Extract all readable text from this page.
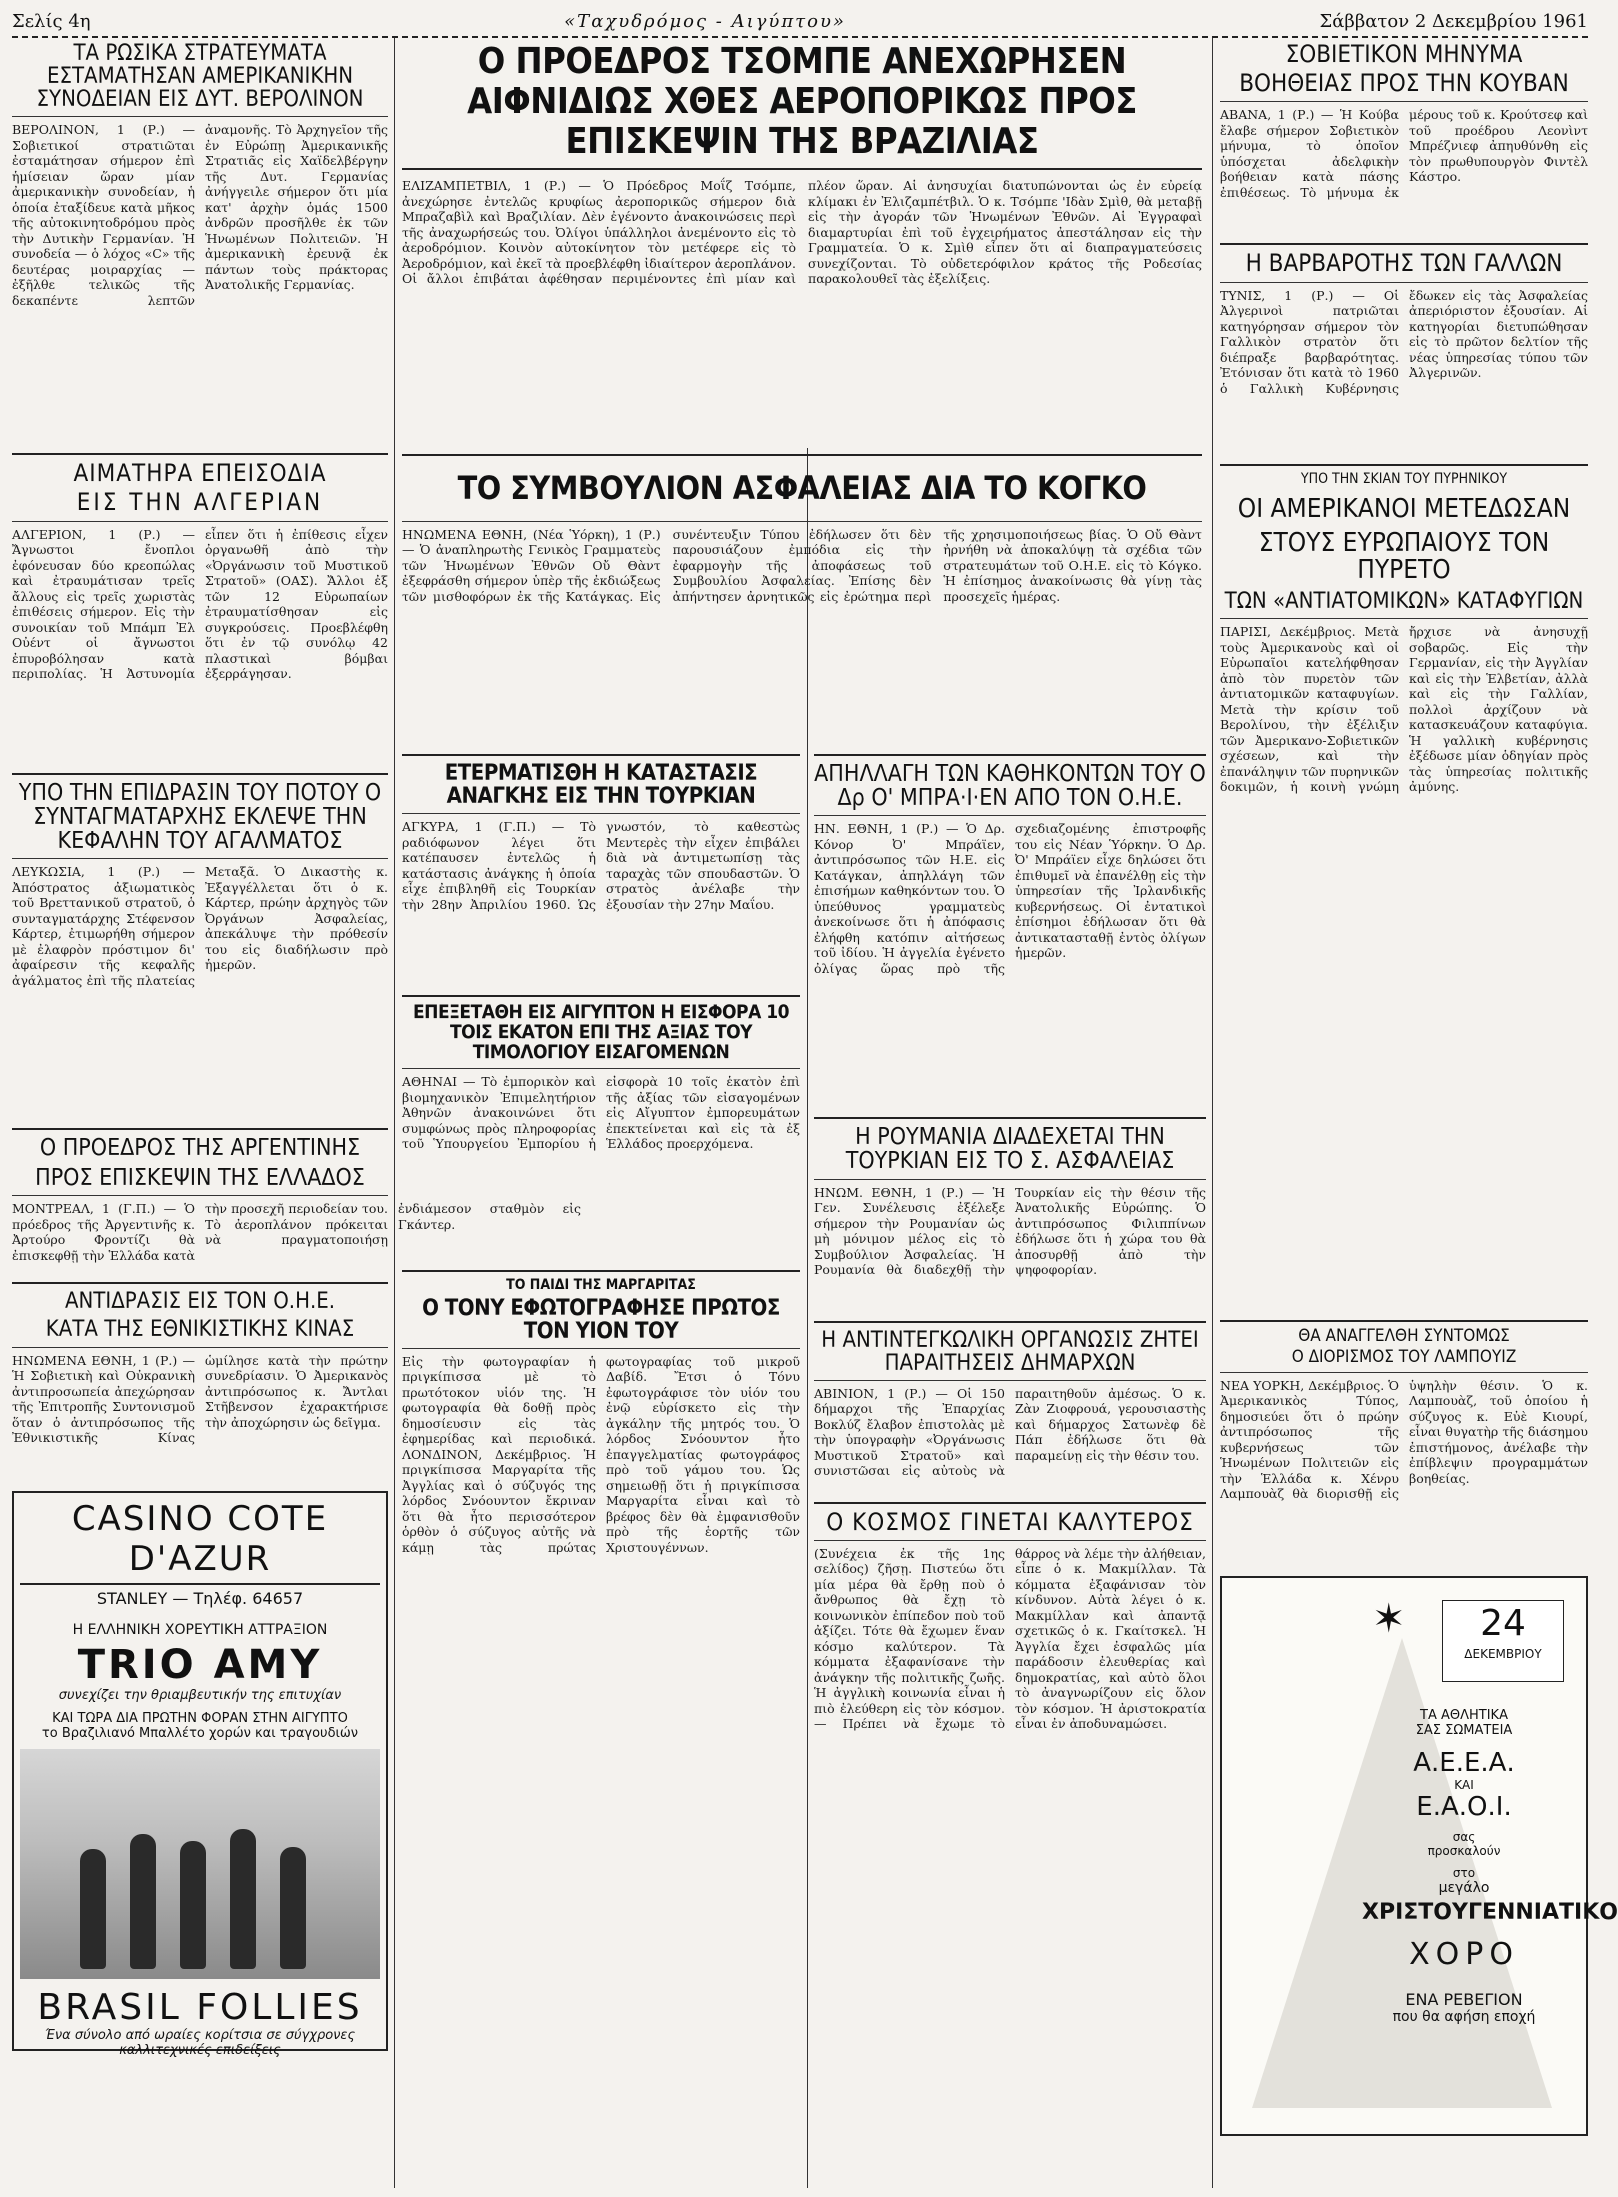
Σελίς 4η	«Ταχυδρόμος - Αιγύπτου»	Σάββατον 2 Δεκεμβρίου 1961
ΤΑ ΡΩΣΙΚΑ ΣΤΡΑΤΕΥΜΑΤΑ ΕΣΤΑΜΑΤΗΣΑΝ ΑΜΕΡΙΚΑΝΙΚΗΝ ΣΥΝΟΔΕΙΑΝ ΕΙΣ ΔΥΤ. ΒΕΡΟΛΙΝΟΝ

ΒΕΡΟΛΙΝΟΝ, 1 (Ρ.) — Σοβιετικοί στρατιῶται ἐσταμάτησαν σήμερον ἐπὶ ἡμίσειαν ὥραν μίαν ἀμερικανικὴν συνοδείαν, ἡ ὁποία ἐταξίδευε κατὰ μῆκος τῆς αὐτοκινητοδρόμου πρὸς τὴν Δυτικὴν Γερμανίαν. Ἡ συνοδεία — ὁ λόχος «C» τῆς δευτέρας μοιραρχίας — ἐξῆλθε τελικῶς τῆς δεκαπέντε λεπτῶν ἀναμονῆς. Τὸ Ἀρχηγεῖον τῆς ἐν Εὐρώπῃ Ἀμερικανικῆς Στρατιᾶς εἰς Χαϊδελβέργην τῆς Δυτ. Γερμανίας ἀνήγγειλε σήμερον ὅτι μία κατ' ἀρχὴν ὁμάς 1500 ἀνδρῶν προσῆλθε ἐκ τῶν Ἡνωμένων Πολιτειῶν. Ἡ ἀμερικανικὴ ἐρευνᾷ ἐκ πάντων τοὺς πράκτορας Ἀνατολικῆς Γερμανίας.

ΑΙΜΑΤΗΡΑ ΕΠΕΙΣΟΔΙΑ
ΕΙΣ ΤΗΝ ΑΛΓΕΡΙΑΝ

ΑΛΓΕΡΙΟΝ, 1 (Ρ.) — Ἄγνωστοι ἔνοπλοι ἐφόνευσαν δύο κρεοπώλας καὶ ἐτραυμάτισαν τρεῖς ἄλλους εἰς τρεῖς χωριστὰς ἐπιθέσεις σήμερον. Εἰς τὴν συνοικίαν τοῦ Μπάμπ Ἐλ Οὐέντ οἱ ἄγνωστοι ἐπυροβόλησαν κατὰ περιπολίας. Ἡ Ἀστυνομία εἶπεν ὅτι ἡ ἐπίθεσις εἶχεν ὀργανωθῆ ἀπὸ τὴν «Ὀργάνωσιν τοῦ Μυστικοῦ Στρατοῦ» (ΟΑΣ). Ἄλλοι ἐξ τῶν 12 Εὐρωπαίων ἐτραυματίσθησαν εἰς συγκρούσεις. Προεβλέφθη ὅτι ἐν τῷ συνόλῳ 42 πλαστικαὶ βόμβαι ἐξερράγησαν.

ΥΠΟ ΤΗΝ ΕΠΙΔΡΑΣΙΝ ΤΟΥ ΠΟΤΟΥ Ο ΣΥΝΤΑΓΜΑΤΑΡΧΗΣ ΕΚΛΕΨΕ ΤΗΝ ΚΕΦΑΛΗΝ ΤΟΥ ΑΓΑΛΜΑΤΟΣ

ΛΕΥΚΩΣΙΑ, 1 (Ρ.) — Ἀπόστρατος ἀξιωματικὸς τοῦ Βρεττανικοῦ στρατοῦ, ὁ συνταγματάρχης Στέφενσον Κάρτερ, ἐτιμωρήθη σήμερον μὲ ἐλαφρὸν πρόστιμον δι' ἀφαίρεσιν τῆς κεφαλῆς ἀγάλματος ἐπὶ τῆς πλατείας Μεταξᾶ. Ὁ Δικαστὴς κ. Ἐξαγγέλλεται ὅτι ὁ κ. Κάρτερ, πρώην ἀρχηγὸς τῶν Ὀργάνων Ἀσφαλείας, ἀπεκάλυψε τὴν πρόθεσίν του εἰς διαδήλωσιν πρὸ ἡμερῶν.

Ο ΠΡΟΕΔΡΟΣ ΤΗΣ ΑΡΓΕΝΤΙΝΗΣ
ΠΡΟΣ ΕΠΙΣΚΕΨΙΝ ΤΗΣ ΕΛΛΑΔΟΣ

ΜΟΝΤΡΕΑΛ, 1 (Γ.Π.) — Ὁ πρόεδρος τῆς Ἀργεντινῆς κ. Ἀρτούρο Φροντίζι θὰ ἐπισκεφθῇ τὴν Ἑλλάδα κατὰ τὴν προσεχῆ περιοδείαν του. Τὸ ἀεροπλάνον πρόκειται νὰ πραγματοποιήσῃ ἐνδιάμεσον σταθμὸν εἰς Γκάντερ.

ΑΝΤΙΔΡΑΣΙΣ ΕΙΣ ΤΟΝ Ο.Η.Ε.
ΚΑΤΑ ΤΗΣ ΕΘΝΙΚΙΣΤΙΚΗΣ ΚΙΝΑΣ

ΗΝΩΜΕΝΑ ΕΘΝΗ, 1 (Ρ.) — Ἡ Σοβιετικὴ καὶ Οὐκρανικὴ ἀντιπροσωπεία ἀπεχώρησαν τῆς Ἐπιτροπῆς Συντονισμοῦ ὅταν ὁ ἀντιπρόσωπος τῆς Ἐθνικιστικῆς Κίνας ὡμίλησε κατὰ τὴν πρώτην συνεδρίασιν. Ὁ Ἀμερικανὸς ἀντιπρόσωπος κ. Ἄντλαι Στῆβενσον ἐχαρακτήρισε τὴν ἀποχώρησιν ὡς δεῖγμα.

CASINO COTE D'AZUR
STANLEY — Τηλέφ. 64657
Η ΕΛΛΗΝΙΚΗ ΧΟΡΕΥΤΙΚΗ ΑΤΤΡΑΞΙΟΝ
TRIO AMY
συνεχίζει την θριαμβευτικήν της επιτυχίαν
ΚΑΙ ΤΩΡΑ ΔΙΑ ΠΡΩΤΗΝ ΦΟΡΑΝ ΣΤΗΝ ΑΙΓΥΠΤΟ
το Βραζιλιανό Μπαλλέτο χορών και τραγουδιών
BRASIL FOLLIES
Ένα σύνολο από ωραίες κορίτσια σε σύγχρονες
καλλιτεχνικές επιδείξεις
Ο ΠΡΟΕΔΡΟΣ ΤΣΟΜΠΕ ΑΝΕΧΩΡΗΣΕΝ ΑΙΦΝΙΔΙΩΣ ΧΘΕΣ ΑΕΡΟΠΟΡΙΚΩΣ ΠΡΟΣ ΕΠΙΣΚΕΨΙΝ ΤΗΣ ΒΡΑΖΙΛΙΑΣ

ΕΛΙΖΑΜΠΕΤΒΙΛ, 1 (Ρ.) — Ὁ Πρόεδρος Μοΐζ Τσόμπε, ἀνεχώρησε ἐντελῶς κρυφίως ἀεροπορικῶς σήμερον διὰ Μπραζαβὶλ καὶ Βραζιλίαν. Δὲν ἐγένοντο ἀνακοινώσεις περὶ τῆς ἀναχωρήσεώς του. Ὀλίγοι ὑπάλληλοι ἀνεμένοντο εἰς τὸ ἀεροδρόμιον. Κοινὸν αὐτοκίνητον τὸν μετέφερε εἰς τὸ Ἀεροδρόμιον, καὶ ἐκεῖ τὰ προεβλέφθη ἰδιαίτερον ἀεροπλάνον. Οἱ ἄλλοι ἐπιβάται ἀφέθησαν περιμένοντες ἐπὶ μίαν καὶ πλέον ὥραν. Αἱ ἀνησυχίαι διατυπώνονται ὡς ἐν εὐρείᾳ κλίμακι ἐν Ἐλιζαμπέτβιλ. Ὁ κ. Τσόμπε 'Ιδὰν Σμὶθ, θὰ μεταβῇ εἰς τὴν ἀγοράν τῶν Ἡνωμένων Ἐθνῶν. Αἱ Ἐγγραφαὶ διαμαρτυρίαι ἐπὶ τοῦ ἐγχειρήματος ἀπεστάλησαν εἰς τὴν Γραμματεία. Ὁ κ. Σμὶθ εἶπεν ὅτι αἱ διαπραγματεύσεις συνεχίζονται. Τὸ οὐδετερόφιλον κράτος τῆς Ροδεσίας παρακολουθεῖ τὰς ἐξελίξεις.

ΤΟ ΣΥΜΒΟΥΛΙΟΝ ΑΣΦΑΛΕΙΑΣ ΔΙΑ ΤΟ ΚΟΓΚΟ

ΗΝΩΜΕΝΑ ΕΘΝΗ, (Νέα Ὑόρκη), 1 (Ρ.) — Ὁ ἀναπληρωτὴς Γενικὸς Γραμματεὺς τῶν Ἡνωμένων Ἐθνῶν Οὔ Θὰντ ἐξεφράσθη σήμερον ὑπὲρ τῆς ἐκδιώξεως τῶν μισθοφόρων ἐκ τῆς Κατάγκας. Εἰς συνέντευξιν Τύπου ἐδήλωσεν ὅτι δὲν παρουσιάζουν ἐμπόδια εἰς τὴν ἐφαρμογὴν τῆς ἀποφάσεως τοῦ Συμβουλίου Ἀσφαλείας. Ἐπίσης δὲν ἀπήντησεν ἀρνητικῶς εἰς ἐρώτημα περὶ τῆς χρησιμοποιήσεως βίας. Ὁ Οὔ Θὰντ ἠρνήθη νὰ ἀποκαλύψῃ τὰ σχέδια τῶν στρατευμάτων τοῦ Ο.Η.Ε. εἰς τὸ Κόγκο. Ἡ ἐπίσημος ἀνακοίνωσις θὰ γίνῃ τὰς προσεχεῖς ἡμέρας.

ΕΤΕΡΜΑΤΙΣΘΗ Η ΚΑΤΑΣΤΑΣΙΣ ΑΝΑΓΚΗΣ ΕΙΣ ΤΗΝ ΤΟΥΡΚΙΑΝ

ΑΓΚΥΡΑ, 1 (Γ.Π.) — Τὸ ραδιόφωνον λέγει ὅτι κατέπαυσεν ἐντελῶς ἡ κατάστασις ἀνάγκης ἡ ὁποία εἶχε ἐπιβληθῆ εἰς Τουρκίαν τὴν 28ην Ἀπριλίου 1960. Ὡς γνωστόν, τὸ καθεστὼς Μεντερὲς τὴν εἶχεν ἐπιβάλει διὰ νὰ ἀντιμετωπίσῃ τὰς ταραχὰς τῶν σπουδαστῶν. Ὁ στρατὸς ἀνέλαβε τὴν ἐξουσίαν τὴν 27ην Μαΐου.

ΕΠΕΞΕΤΑΘΗ ΕΙΣ ΑΙΓΥΠΤΟΝ Η ΕΙΣΦΟΡΑ 10 ΤΟΙΣ ΕΚΑΤΟΝ ΕΠΙ ΤΗΣ ΑΞΙΑΣ ΤΟΥ ΤΙΜΟΛΟΓΙΟΥ ΕΙΣΑΓΟΜΕΝΩΝ

ΑΘΗΝΑΙ — Τὸ ἐμπορικὸν καὶ βιομηχανικὸν Ἐπιμελητήριον Ἀθηνῶν ἀνακοινώνει ὅτι συμφώνως πρὸς πληροφορίας τοῦ Ὑπουργείου Ἐμπορίου ἡ εἰσφορὰ 10 τοῖς ἑκατὸν ἐπὶ τῆς ἀξίας τῶν εἰσαγομένων εἰς Αἴγυπτον ἐμπορευμάτων ἐπεκτείνεται καὶ εἰς τὰ ἐξ Ἑλλάδος προερχόμενα.

ΤΟ ΠΑΙΔΙ ΤΗΣ ΜΑΡΓΑΡΙΤΑΣ
Ο ΤΟΝΥ ΕΦΩΤΟΓΡΑΦΗΣΕ ΠΡΩΤΟΣ ΤΟΝ ΥΙΟΝ ΤΟΥ

Εἰς τὴν φωτογραφίαν ἡ πριγκίπισσα μὲ τὸ πρωτότοκον υἱόν της. Ἡ φωτογραφία θὰ δοθῇ πρὸς δημοσίευσιν εἰς τὰς ἐφημερίδας καὶ περιοδικά. ΛΟΝΔΙΝΟΝ, Δεκέμβριος. Ἡ πριγκίπισσα Μαργαρίτα τῆς Ἀγγλίας καὶ ὁ σύζυγός της λόρδος Σνόουντον ἔκριναν ὅτι θὰ ἦτο περισσότερον ὁρθὸν ὁ σύζυγος αὐτῆς νὰ κάμῃ τὰς πρώτας φωτογραφίας τοῦ μικροῦ Δαβίδ. Ἔτσι ὁ Τόνυ ἐφωτογράφισε τὸν υἱόν του ἐνῷ εὑρίσκετο εἰς τὴν ἀγκάλην τῆς μητρός του. Ὁ λόρδος Σνόουντον ἦτο ἐπαγγελματίας φωτογράφος πρὸ τοῦ γάμου του. Ὡς σημειωθῇ ὅτι ἡ πριγκίπισσα Μαργαρίτα εἶναι καὶ τὸ βρέφος δὲν θὰ ἐμφανισθοῦν πρὸ τῆς ἑορτῆς τῶν Χριστουγέννων.

ΑΠΗΛΛΑΓΗ ΤΩΝ ΚΑΘΗΚΟΝΤΩΝ ΤΟΥ Ο Δρ Ο' ΜΠΡΑ·Ι·ΕΝ ΑΠΟ ΤΟΝ Ο.Η.Ε.

ΗΝ. ΕΘΝΗ, 1 (Ρ.) — Ὁ Δρ. Κόνορ Ὀ' Μπράϊεν, ἀντιπρόσωπος τῶν Η.Ε. εἰς Κατάγκαν, ἀπηλλάγη τῶν ἐπισήμων καθηκόντων του. Ὁ ὑπεύθυνος γραμματεὺς ἀνεκοίνωσε ὅτι ἡ ἀπόφασις ἐλήφθη κατόπιν αἰτήσεως τοῦ ἰδίου. Ἡ ἀγγελία ἐγένετο ὀλίγας ὥρας πρὸ τῆς σχεδιαζομένης ἐπιστροφῆς του εἰς Νέαν Ὑόρκην. Ὁ Δρ. Ὀ' Μπράϊεν εἶχε δηλώσει ὅτι ἐπιθυμεῖ νὰ ἐπανέλθῃ εἰς τὴν ὑπηρεσίαν τῆς Ἰρλανδικῆς κυβερνήσεως. Οἱ ἐντατικοὶ ἐπίσημοι ἐδήλωσαν ὅτι θὰ ἀντικατασταθῇ ἐντὸς ὀλίγων ἡμερῶν.

Η ΡΟΥΜΑΝΙΑ ΔΙΑΔΕΧΕΤΑΙ ΤΗΝ ΤΟΥΡΚΙΑΝ ΕΙΣ ΤΟ Σ. ΑΣΦΑΛΕΙΑΣ

ΗΝΩΜ. ΕΘΝΗ, 1 (Ρ.) — Ἡ Γεν. Συνέλευσις ἐξέλεξε σήμερον τὴν Ρουμανίαν ὡς μὴ μόνιμον μέλος εἰς τὸ Συμβούλιον Ἀσφαλείας. Ἡ Ρουμανία θὰ διαδεχθῇ τὴν Τουρκίαν εἰς τὴν θέσιν τῆς Ἀνατολικῆς Εὐρώπης. Ὁ ἀντιπρόσωπος Φιλιππίνων ἐδήλωσε ὅτι ἡ χώρα του θὰ ἀποσυρθῇ ἀπὸ τὴν ψηφοφορίαν.

Η ΑΝΤΙΝΤΕΓΚΩΛΙΚΗ ΟΡΓΑΝΩΣΙΣ ΖΗΤΕΙ ΠΑΡΑΙΤΗΣΕΙΣ ΔΗΜΑΡΧΩΝ

ΑΒΙΝΙΟΝ, 1 (Ρ.) — Οἱ 150 δήμαρχοι τῆς Ἐπαρχίας Βοκλύζ ἔλαβον ἐπιστολὰς μὲ τὴν ὑπογραφὴν «Ὀργάνωσις Μυστικοῦ Στρατοῦ» καὶ συνιστῶσαι εἰς αὐτοὺς νὰ παραιτηθοῦν ἀμέσως. Ὁ κ. Ζὰν Ζιοφρουά, γερουσιαστὴς καὶ δήμαρχος Σατωνὲφ δὲ Πάπ ἐδήλωσε ὅτι θὰ παραμείνῃ εἰς τὴν θέσιν του.

Ο ΚΟΣΜΟΣ ΓΙΝΕΤΑΙ ΚΑΛΥΤΕΡΟΣ

(Συνέχεια ἐκ τῆς 1ης σελίδος) ζῆσῃ. Πιστεύω ὅτι μία μέρα θὰ ἔρθῃ ποὺ ὁ ἄνθρωπος θὰ ἔχῃ τὸ κοινωνικὸν ἐπίπεδον ποὺ τοῦ ἀξίζει. Τότε θὰ ἔχωμεν ἕναν κόσμο καλύτερον. Τὰ κόμματα ἐξαφανίσανε τὴν ἀνάγκην τῆς πολιτικῆς ζωῆς. Ἡ ἀγγλικὴ κοινωνία εἶναι ἡ πιὸ ἐλεύθερη εἰς τὸν κόσμον. — Πρέπει νὰ ἔχωμε τὸ θάρρος νὰ λέμε τὴν ἀλήθειαν, εἶπε ὁ κ. Μακμίλλαν. Τὰ κόμματα ἐξαφάνισαν τὸν κίνδυνον. Αὐτὰ λέγει ὁ κ. Μακμίλλαν καὶ ἀπαντᾷ σχετικῶς ὁ κ. Γκαίτσκελ. Ἡ Ἀγγλία ἔχει ἐσφαλῶς μία παράδοσιν ἐλευθερίας καὶ δημοκρατίας, καὶ αὐτὸ ὅλοι τὸ ἀναγνωρίζουν εἰς ὅλον τὸν κόσμον. Ἡ ἀριστοκρατία εἶναι ἐν ἀποδυναμώσει.

ΣΟΒΙΕΤΙΚΟΝ ΜΗΝΥΜΑ
ΒΟΗΘΕΙΑΣ ΠΡΟΣ ΤΗΝ ΚΟΥΒΑΝ

ΑΒΑΝΑ, 1 (Ρ.) — Ἡ Κούβα ἔλαβε σήμερον Σοβιετικὸν μήνυμα, τὸ ὁποῖον ὑπόσχεται ἀδελφικὴν βοήθειαν κατὰ πάσης ἐπιθέσεως. Τὸ μήνυμα ἐκ μέρους τοῦ κ. Κρούτσεφ καὶ τοῦ προέδρου Λεονὶντ Μπρέζνιεφ ἀπηυθύνθη εἰς τὸν πρωθυπουργὸν Φιντὲλ Κάστρο.

Η ΒΑΡΒΑΡΟΤΗΣ ΤΩΝ ΓΑΛΛΩΝ

ΤΥΝΙΣ, 1 (Ρ.) — Οἱ Ἀλγερινοὶ πατριῶται κατηγόρησαν σήμερον τὸν Γαλλικὸν στρατὸν ὅτι διέπραξε βαρβαρότητας. Ἐτόνισαν ὅτι κατὰ τὸ 1960 ὁ Γαλλικὴ Κυβέρνησις ἔδωκεν εἰς τὰς Ἀσφαλείας ἀπεριόριστον ἐξουσίαν. Αἱ κατηγορίαι διετυπώθησαν εἰς τὸ πρῶτον δελτίον τῆς νέας ὑπηρεσίας τύπου τῶν Ἀλγερινῶν.

ΥΠΟ ΤΗΝ ΣΚΙΑΝ ΤΟΥ ΠΥΡΗΝΙΚΟΥ
ΟΙ ΑΜΕΡΙΚΑΝΟΙ ΜΕΤΕΔΩΣΑΝ
ΣΤΟΥΣ ΕΥΡΩΠΑΙΟΥΣ ΤΟΝ ΠΥΡΕΤΟ
ΤΩΝ «ΑΝΤΙΑΤΟΜΙΚΩΝ» ΚΑΤΑΦΥΓΙΩΝ

ΠΑΡΙΣΙ, Δεκέμβριος. Μετὰ τοὺς Ἀμερικανοὺς καὶ οἱ Εὐρωπαῖοι κατελήφθησαν ἀπὸ τὸν πυρετὸν τῶν ἀντιατομικῶν καταφυγίων. Μετὰ τὴν κρίσιν τοῦ Βερολίνου, τὴν ἐξέλιξιν τῶν Ἀμερικανο-Σοβιετικῶν σχέσεων, καὶ τὴν ἐπανάληψιν τῶν πυρηνικῶν δοκιμῶν, ἡ κοινὴ γνώμη ἤρχισε νὰ ἀνησυχῇ σοβαρῶς. Εἰς τὴν Γερμανίαν, εἰς τὴν Ἀγγλίαν καὶ εἰς τὴν Ἑλβετίαν, ἀλλὰ καὶ εἰς τὴν Γαλλίαν, πολλοὶ ἀρχίζουν νὰ κατασκευάζουν καταφύγια. Ἡ γαλλικὴ κυβέρνησις ἐξέδωσε μίαν ὁδηγίαν πρὸς τὰς ὑπηρεσίας πολιτικῆς ἀμύνης.

ΘΑ ΑΝΑΓΓΕΛΘΗ ΣΥΝΤΟΜΩΣ
Ο ΔΙΟΡΙΣΜΟΣ ΤΟΥ ΛΑΜΠΟΥΙΖ

ΝΕΑ ΥΟΡΚΗ, Δεκέμβριος. Ὁ Ἀμερικανικὸς Τύπος, δημοσιεύει ὅτι ὁ πρώην ἀντιπρόσωπος τῆς κυβερνήσεως τῶν Ἡνωμένων Πολιτειῶν εἰς τὴν Ἑλλάδα κ. Χένρυ Λαμπουὰζ θὰ διορισθῇ εἰς ὑψηλὴν θέσιν. Ὁ κ. Λαμπουὰζ, τοῦ ὁποίου ἡ σύζυγος κ. Εὐὲ Κιουρί, εἶναι θυγατὴρ τῆς διάσημου ἐπιστήμονος, ἀνέλαβε τὴν ἐπίβλεψιν προγραμμάτων βοηθείας.

✶	24
ΔΕΚΕΜΒΡΙΟΥ
ΤΑ ΑΘΛΗΤΙΚΑ
ΣΑΣ ΣΩΜΑΤΕΙΑ
Α.Ε.Ε.Α.
ΚΑΙ
Ε.Α.Ο.Ι.
σας
προσκαλούν
στο
μεγάλο
ΧΡΙΣΤΟΥΓΕΝΝΙΑΤΙΚΟ
ΧΟΡΟ
ΕΝΑ ΡΕΒΕΓΙΟΝ
που θα αφήση εποχή
